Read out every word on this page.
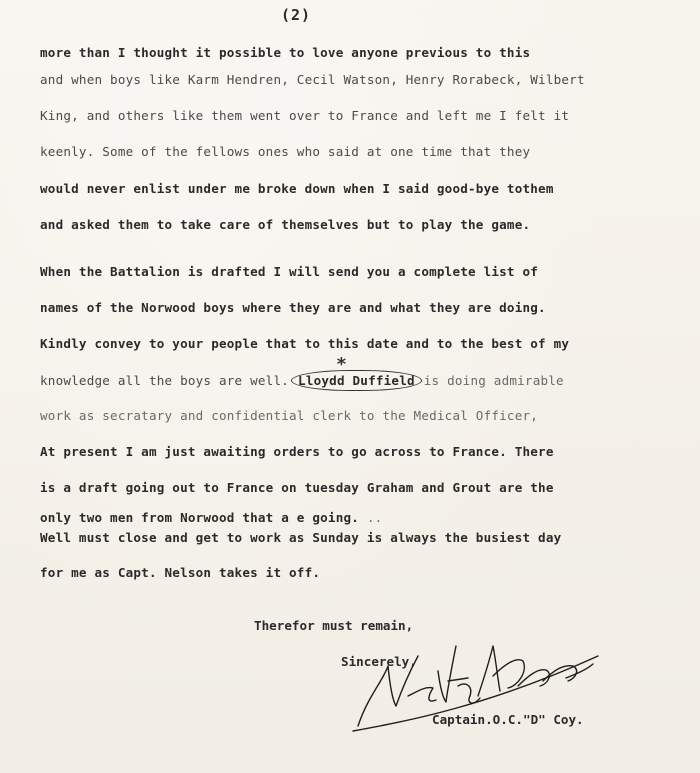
(2)
more than I thought it possible to love anyone previous to this
and when boys like Karm Hendren, Cecil Watson, Henry Rorabeck, Wilbert
King, and others like them went over to France and left me I felt it
keenly. Some of the fellows ones who said at one time that they
would never enlist under me broke down when I said good-bye tothem
and asked them to take care of themselves but to play the game.
When the Battalion is drafted I will send you a complete list of
names of the Norwood boys where they are and what they are doing.
Kindly convey to your people that to this date and to the best of my
knowledge all the boys are well.
*
Lloydd Duffield is doing admirable
work as secratary and confidential clerk to the Medical Officer,
At present I am just awaiting orders to go across to France. There
is a draft going out to France on tuesday Graham and Grout are the
only two men from Norwood that a e going. ..
Well must close and get to work as Sunday is always the busiest day
for me as Capt. Nelson takes it off.
Therefor must remain,
Sincerely,
Captain.O.C."D" Coy.
